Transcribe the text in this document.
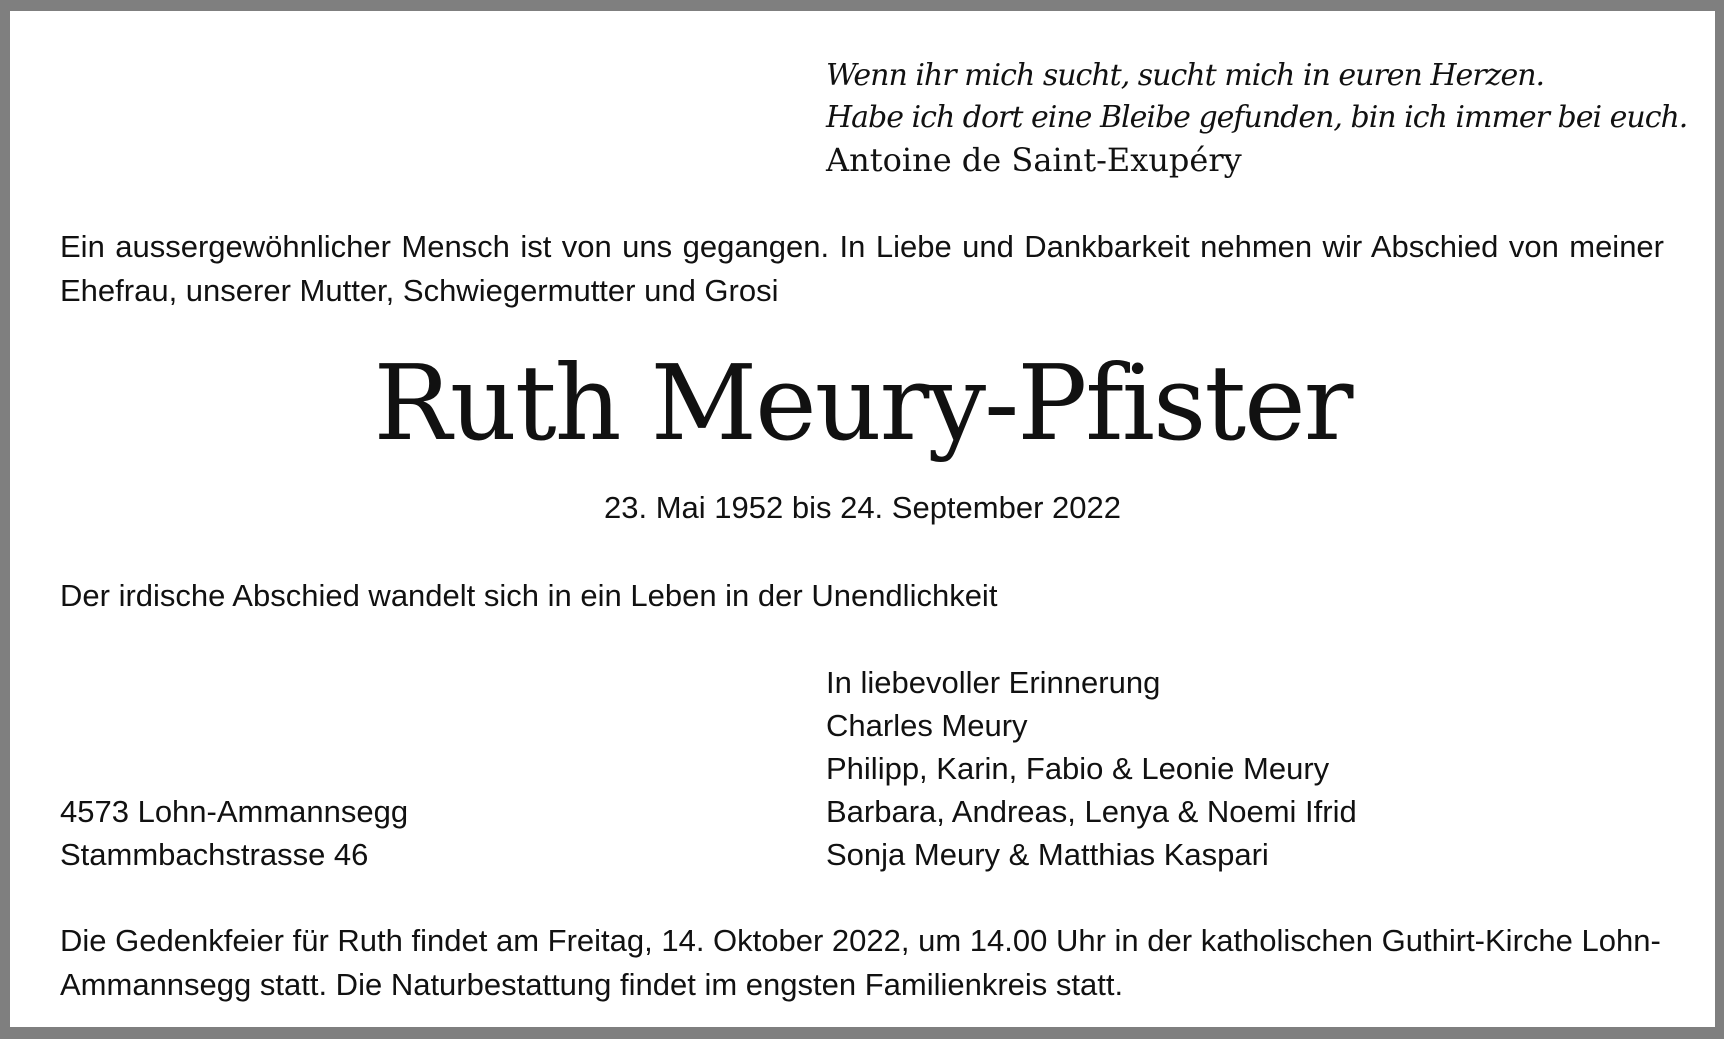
Wenn ihr mich sucht, sucht mich in euren Herzen.
Habe ich dort eine Bleibe gefunden, bin ich immer bei euch.
Antoine de Saint-Exupéry
Ein aussergewöhnlicher Mensch ist von uns gegangen. In Liebe und Dankbarkeit nehmen wir Abschied von meiner Ehefrau, unserer Mutter, Schwiegermutter und Grosi
Ruth Meury-Pfister
23. Mai 1952 bis 24. September 2022
Der irdische Abschied wandelt sich in ein Leben in der Unendlichkeit
In liebevoller Erinnerung
Charles Meury
Philipp, Karin, Fabio & Leonie Meury
Barbara, Andreas, Lenya & Noemi Ifrid
Sonja Meury & Matthias Kaspari
4573 Lohn-Ammannsegg
Stammbachstrasse 46
Die Gedenkfeier für Ruth findet am Freitag, 14. Oktober 2022, um 14.00 Uhr in der katholischen Guthirt-Kirche Lohn-Ammannsegg statt. Die Naturbestattung findet im engsten Familienkreis statt.
